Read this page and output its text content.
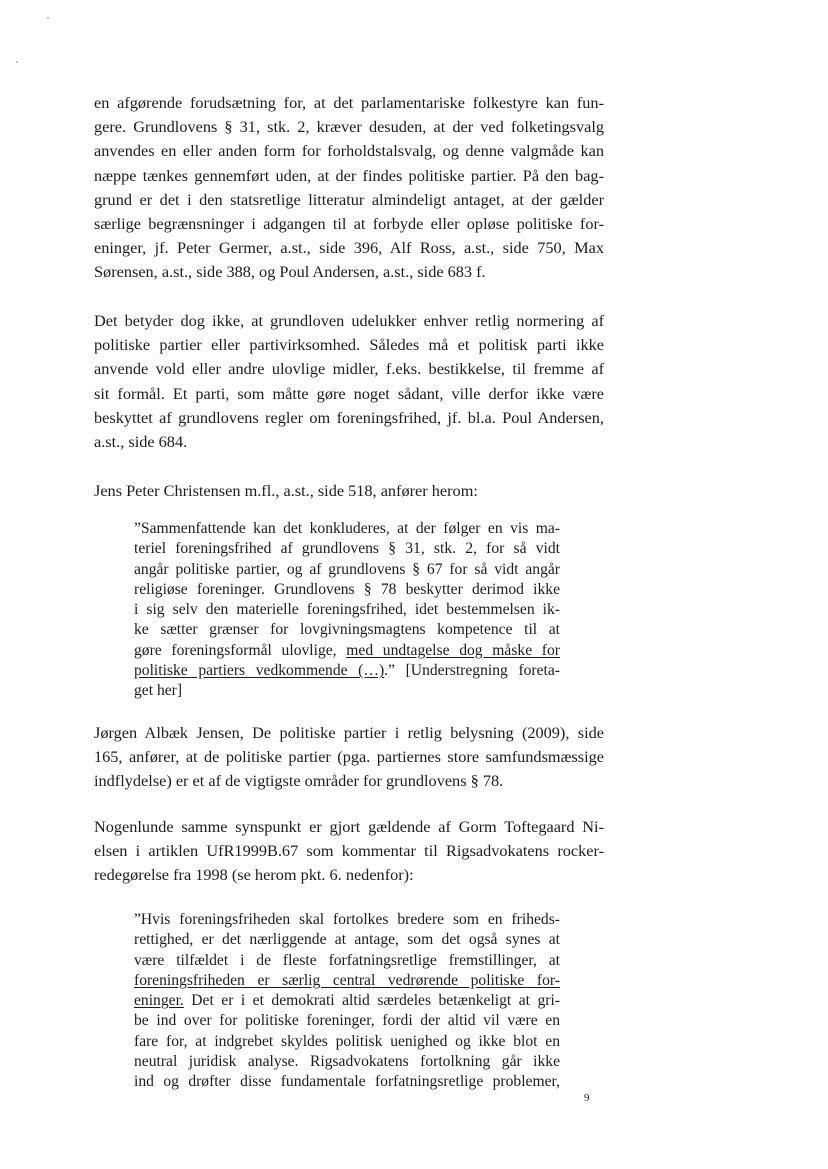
en afgørende forudsætning for, at det parlamentariske folkestyre kan fun-
gere. Grundlovens § 31, stk. 2, kræver desuden, at der ved folketingsvalg
anvendes en eller anden form for forholdstalsvalg, og denne valgmåde kan
næppe tænkes gennemført uden, at der findes politiske partier. På den bag-
grund er det i den statsretlige litteratur almindeligt antaget, at der gælder
særlige begrænsninger i adgangen til at forbyde eller opløse politiske for-
eninger, jf. Peter Germer, a.st., side 396, Alf Ross, a.st., side 750, Max
Sørensen, a.st., side 388, og Poul Andersen, a.st., side 683 f.

Det betyder dog ikke, at grundloven udelukker enhver retlig normering af
politiske partier eller partivirksomhed. Således må et politisk parti ikke
anvende vold eller andre ulovlige midler, f.eks. bestikkelse, til fremme af
sit formål. Et parti, som måtte gøre noget sådant, ville derfor ikke være
beskyttet af grundlovens regler om foreningsfrihed, jf. bl.a. Poul Andersen,
a.st., side 684.

Jens Peter Christensen m.fl., a.st., side 518, anfører herom:

”Sammenfattende kan det konkluderes, at der følger en vis ma-
teriel foreningsfrihed af grundlovens § 31, stk. 2, for så vidt
angår politiske partier, og af grundlovens § 67 for så vidt angår
religiøse foreninger. Grundlovens § 78 beskytter derimod ikke
i sig selv den materielle foreningsfrihed, idet bestemmelsen ik-
ke sætter grænser for lovgivningsmagtens kompetence til at
gøre foreningsformål ulovlige, med undtagelse dog måske for
politiske partiers vedkommende (…).” [Understregning foreta-
get her]

Jørgen Albæk Jensen, De politiske partier i retlig belysning (2009), side
165, anfører, at de politiske partier (pga. partiernes store samfundsmæssige
indflydelse) er et af de vigtigste områder for grundlovens § 78.

Nogenlunde samme synspunkt er gjort gældende af Gorm Toftegaard Ni-
elsen i artiklen UfR1999B.67 som kommentar til Rigsadvokatens rocker-
redegørelse fra 1998 (se herom pkt. 6. nedenfor):

”Hvis foreningsfriheden skal fortolkes bredere som en friheds-
rettighed, er det nærliggende at antage, som det også synes at
være tilfældet i de fleste forfatningsretlige fremstillinger, at
foreningsfriheden er særlig central vedrørende politiske for-
eninger. Det er i et demokrati altid særdeles betænkeligt at gri-
be ind over for politiske foreninger, fordi der altid vil være en
fare for, at indgrebet skyldes politisk uenighed og ikke blot en
neutral juridisk analyse. Rigsadvokatens fortolkning går ikke
ind og drøfter disse fundamentale forfatningsretlige problemer,

9
